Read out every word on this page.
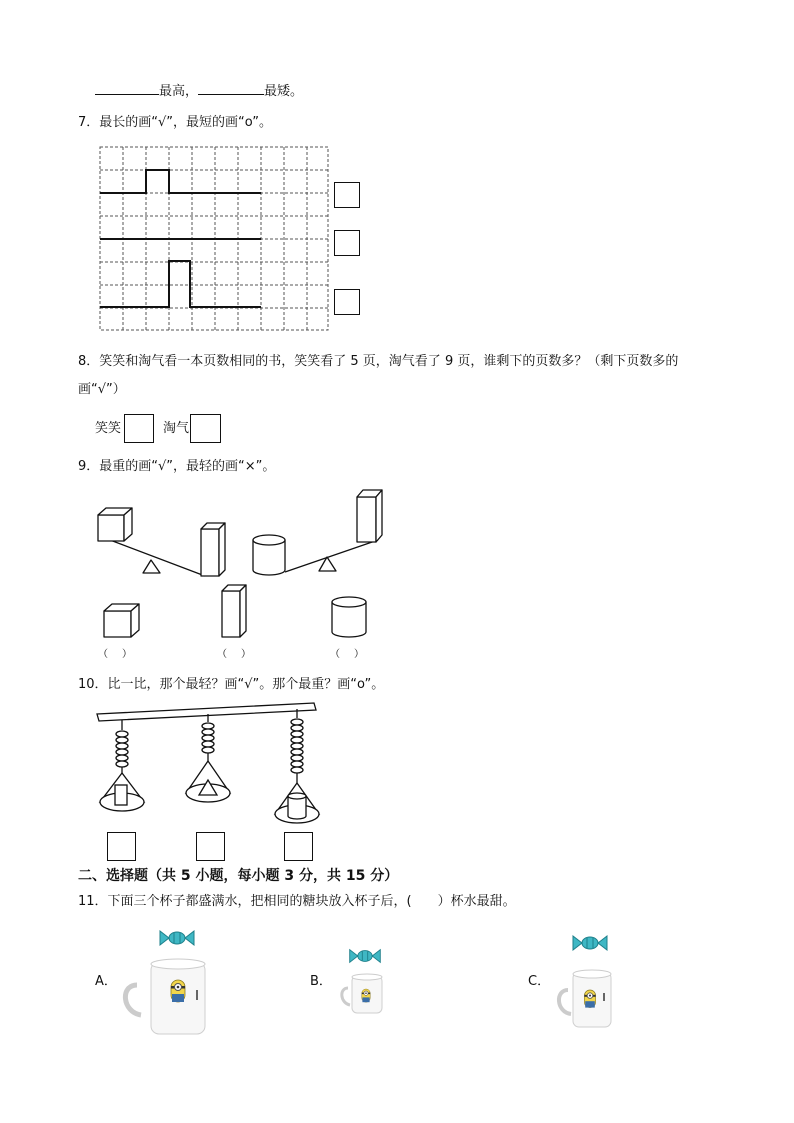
最高，	最矮。
7．最长的画“√”，最短的画“o”。
8．笑笑和淘气看一本页数相同的书，笑笑看了 5 页，淘气看了 9 页，谁剩下的页数多？（剩下页数多的
画“√”）
笑笑	淘气
9．最重的画“√”，最轻的画“×”。
（　）	（　）	（　）
10．比一比，那个最轻？画“√”。那个最重？画“o”。
二、选择题（共 5 小题，每小题 3 分，共 15 分）
11．下面三个杯子都盛满水，把相同的糖块放入杯子后，(　　）杯水最甜。
A．	B．	C．
